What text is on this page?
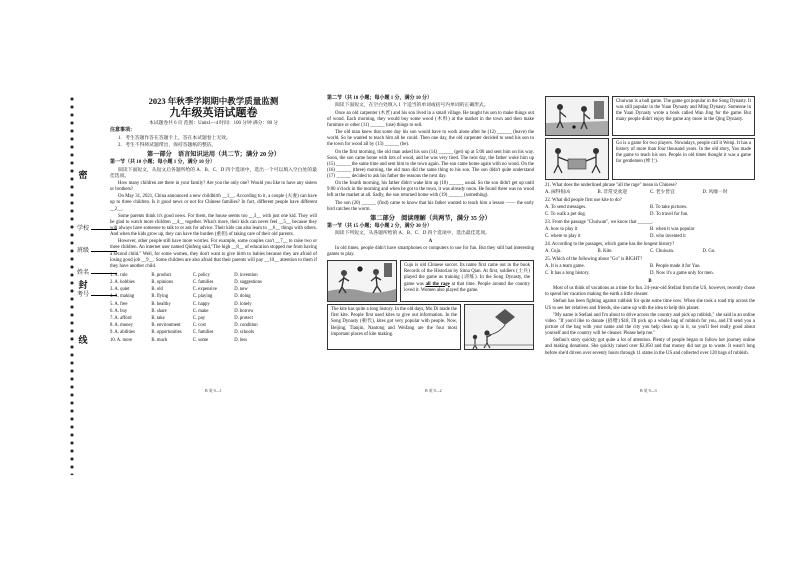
密
封
线
学校
班级
姓名
考号

2023 年秋季学期期中教学质量监测

九年级英语试题卷

本试题卷共 6 页 范围：Units1—4 时间：100 分钟 满分：80 分

注意事项：

1．考生答题作答在答题卡上，答在本试题卷上无效。

2．考生不得将试题带出，保持答题纸的整洁。

第一部分　语言知识运用（共二节；满分 20 分）

第一节（共 10 小题；每小题 1 分，满分 10 分）

阅读下面短文，从短文后各题所给的 A、B、C、D 四个选项中，选出一个可以填入空白处的最佳选项。

How many children are there in your family? Are you the only one? Would you like to have any sisters or brothers?

On May 31, 2021, China announced a new childbirth __1__. According to it, a couple (夫妻) can have up to three children. Is it good news or not for Chinese families? In fact, different people have different __2__.

Some parents think it's good news. For them, the house seems too __3__ with just one kid. They will be glad to watch more children __4__ together. What's more, their kids can never feel __5__ because they will always have someone to talk to or ask for advice. Their kids can also learn to __6__ things with others. And when the kids grow up, they can have the burden (重担) of taking care of their old parents.

However, other people still have more worries. For example, some couples can't __7__ to raise two or three children. An internet user named Qinfeng said,"The high __8__ of education stopped me from having a second child." Well, for some women, they don't want to give birth to babies because they are afraid of losing good job __9__. Some children are also afraid that their parents will pay __10__ attention to them if they have another child.

1. A. rule	B. product	C. policy	D. invention
2. A. hobbies	B. opinions	C. families	D. suggestions
3. A. quiet	B. old	C. expensive	D. new
4. A. making	B. flying	C. playing	D. doing
5. A. free	B. healthy	C. happy	D. lonely
6. A. buy	B. share	C. make	D. borrow
7. A. afford	B. take	C. pay	D. protect
8. A. money	B. environment	C. cost	D. condition
9. A. abilities	B. opportunities	C. families	D. schools
10. A. more	B. much	C. some	D. less
B 英 9—1

第二节（共 10 小题；每小题 1 分，满分 10 分）

阅读下面短文，在空白处填入 1 个适当的单词或括号内单词的正确形式。

Once an old carpenter (木匠) and his son lived in a small village. He taught his son to make things out of wood. Each morning, they would buy some wood (木料) at the market in the town and then make furniture or other (11) ______ (use) things to sell.

The old man knew that some day his son would have to work alone after he (12) ______ (leave) the world. So he wanted to teach him all he could. Then one day, the old carpenter decided to send his son to the town for wood all by (13) ______ (he).

On the first morning, the old man asked his son (14) ______ (get) up at 5:00 and sent him on his way. Soon, the son came home with lots of wood, and he was very tired. The next day, the father woke him up (15) ______ the same time and sent him to the town again. The son came home again with no wood. On the (16) ______ (three) morning, the old man did the same thing to his son. The son didn't quite understand (17) ______ decided to ask his father the reasons the next day.

On the fourth morning, his father didn't wake him up (18) ______ usual. So the son didn't get up until 9:00 o'clock in the morning and when he got to the town, it was already noon. He found there was no wood left at the market at all. Sadly, the son returned home with (19) ______ (something).

The son (20) ______ (find) came to know that his father wanted to teach him a lesson —— the early bird catches the worm.

第二部分　阅读理解（共两节，满分 35 分）

第一节（共 15 小题；每小题 2 分，满分 30 分）

阅读下列短文，从各题所给的 A、B、C、D 四个选项中，选出最佳选项。

A

In old times, people didn't have smartphones or computers to use for fun. But they still had interesting games to play.

Cuju is old Chinese soccer. Its name first came out in the book Records of the Historian by Sima Qian. At first, soldiers (士兵) played the game as training (训练). In the Song Dynasty, the game was all the rage at that time. People around the country loved it. Women also played the game.
The kite has quite a long history. In the old days, Mo Di made the first kite. People first used kites to give out information. In the Song Dynasty (朝代), kites got very popular with people. Now, Beijing, Tianjin, Nantong and Weifang are the four most important places of kite making.
B 英 9—2
Chuiwan is a ball game. The game got popular in the Song Dynasty. It was still popular in the Yuan Dynasty and Ming Dynasty. Someone in the Yuan Dynasty wrote a book called Wan Jing for the game. But many people didn't enjoy the game any more in the Qing Dynasty.
Go is a game for two players. Nowadays, people call it Weiqi. It has a history of more than four thousand years. In the old story, Yao made the game to teach his son. People in old times thought it was a game for gentlemen (绅士).

21. What does the underlined phrase "all the rage" mean in Chinese?

A. 闹得很凶	B. 非常受欢迎	C. 老少皆宜	D. 风靡一时

22. What did people first use kite to do?

A. To send messages.	B. To take pictures.
C. To walk a pet dog.	D. To travel for fun.

23. From the passage "Chuiwan", we know that ______.

A. how to play it	B. when it was popular
C. where to play it	D. who invented it

24. According to the passages, which game has the longest history?

A. Cuju.	B. Kite.	C. Chuiwan.	D. Go.

25. Which of the following about "Go" is RIGHT?

A. It is a team game.	B. People made it for Yao.
C. It has a long history.	D. Now it's a game only for men.

B

Most of us think of vacations as a time for fun. 24-year-old Stefani from the US, however, recently chose to spend her vacation making the earth a little cleaner.

Stefani has been fighting against rubbish for quite some time now. When she took a road trip across the US to see her relatives and friends, she came up with the idea to help this planet.

"My name is Stefani and I'm about to drive across the country and pick up rubbish," she said in an online video. "If you'd like to donate (捐赠) $18, I'll pick up a whole bag of rubbish for you, and I'll send you a picture of the bag with your name and the city you help clean up in it, so you'll feel really good about yourself and the country will be cleaner. Please help me."

Stefani's story quickly got quite a lot of attention. Plenty of people began to follow her journey online and making donations. She quickly raised over $2,850 and that money did not go to waste. It wasn't long before she'd driven over seventy hours through 11 states in the US and collected over 120 bags of rubbish.

B 英 9—3
